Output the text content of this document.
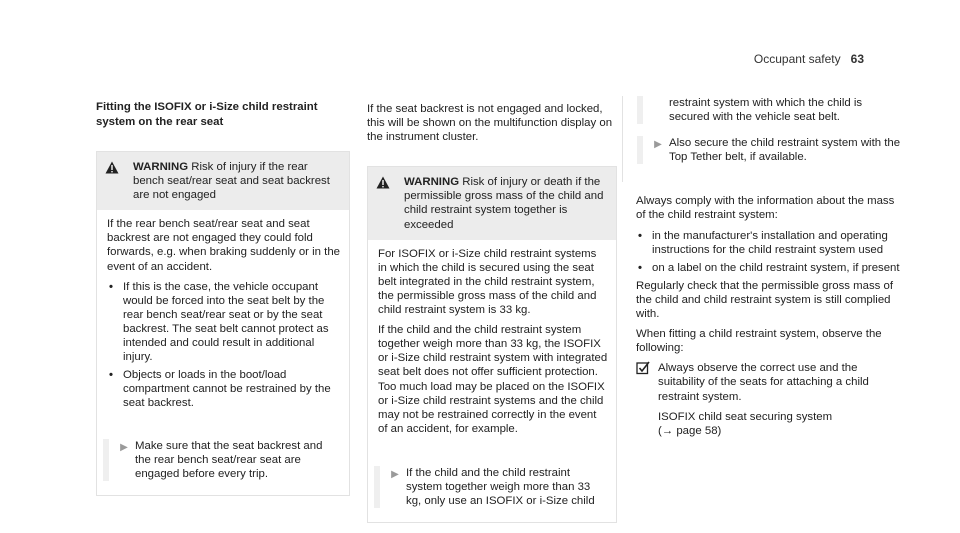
Occupant safety 63
Fitting the ISOFIX or i-Size child restraint system on the rear seat
WARNING Risk of injury if the rear bench seat/rear seat and seat backrest are not engaged

If the rear bench seat/rear seat and seat backrest are not engaged they could fold forwards, e.g. when braking suddenly or in the event of an accident.

• If this is the case, the vehicle occupant would be forced into the seat belt by the rear bench seat/rear seat or by the seat backrest. The seat belt cannot protect as intended and could result in additional injury.
• Objects or loads in the boot/load compartment cannot be restrained by the seat backrest.
▶ Make sure that the seat backrest and the rear bench seat/rear seat are engaged before every trip.

If the seat backrest is not engaged and locked, this will be shown on the multifunction display on the instrument cluster.

WARNING Risk of injury or death if the permissible gross mass of the child and child restraint system together is exceeded

For ISOFIX or i-Size child restraint systems in which the child is secured using the seat belt integrated in the child restraint system, the permissible gross mass of the child and child restraint system is 33 kg.

If the child and the child restraint system together weigh more than 33 kg, the ISOFIX or i-Size child restraint system with integrated seat belt does not offer sufficient protection. Too much load may be placed on the ISOFIX or i-Size child restraint systems and the child may not be restrained correctly in the event of an accident, for example.

▶ If the child and the child restraint system together weigh more than 33 kg, only use an ISOFIX or i-Size child
restraint system with which the child is secured with the vehicle seat belt.
▶ Also secure the child restraint system with the Top Tether belt, if available.

Always comply with the information about the mass of the child restraint system:

• in the manufacturer's installation and operating instructions for the child restraint system used
• on a label on the child restraint system, if present

Regularly check that the permissible gross mass of the child and child restraint system is still complied with.

When fitting a child restraint system, observe the following:

Always observe the correct use and the suitability of the seats for attaching a child restraint system.
ISOFIX child seat securing system
(→ page 58)
